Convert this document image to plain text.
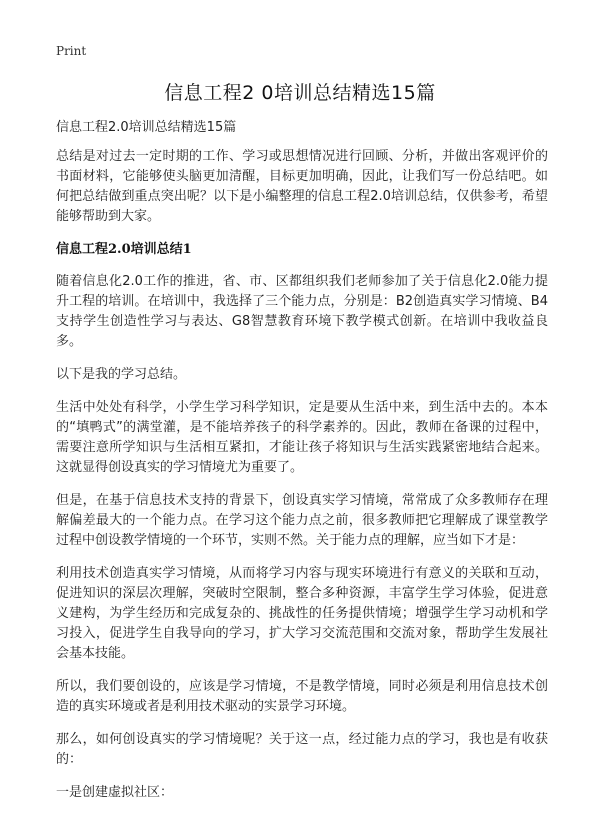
Print
信息工程2 0培训总结精选15篇

信息工程2.0培训总结精选15篇

总结是对过去一定时期的工作、学习或思想情况进行回顾、分析，并做出客观评价的书面材料，它能够使头脑更加清醒，目标更加明确，因此，让我们写一份总结吧。如何把总结做到重点突出呢？以下是小编整理的信息工程2.0培训总结，仅供参考，希望能够帮助到大家。

信息工程2.0培训总结1

随着信息化2.0工作的推进，省、市、区都组织我们老师参加了关于信息化2.0能力提升工程的培训。在培训中，我选择了三个能力点，分别是：B2创造真实学习情境、B4支持学生创造性学习与表达、G8智慧教育环境下教学模式创新。在培训中我收益良多。

以下是我的学习总结。

生活中处处有科学，小学生学习科学知识，定是要从生活中来，到生活中去的。本本的“填鸭式”的满堂灌，是不能培养孩子的科学素养的。因此，教师在备课的过程中，需要注意所学知识与生活相互紧扣，才能让孩子将知识与生活实践紧密地结合起来。这就显得创设真实的学习情境尤为重要了。

但是，在基于信息技术支持的背景下，创设真实学习情境，常常成了众多教师存在理解偏差最大的一个能力点。在学习这个能力点之前，很多教师把它理解成了课堂教学过程中创设教学情境的一个环节，实则不然。关于能力点的理解，应当如下才是：

利用技术创造真实学习情境，从而将学习内容与现实环境进行有意义的关联和互动，促进知识的深层次理解，突破时空限制，整合多种资源，丰富学生学习体验，促进意义建构，为学生经历和完成复杂的、挑战性的任务提供情境；增强学生学习动机和学习投入，促进学生自我导向的学习，扩大学习交流范围和交流对象，帮助学生发展社会基本技能。

所以，我们要创设的，应该是学习情境，不是教学情境，同时必须是利用信息技术创造的真实环境或者是利用技术驱动的实景学习环境。

那么，如何创设真实的学习情境呢？关于这一点，经过能力点的学习，我也是有收获的：

一是创建虚拟社区：
